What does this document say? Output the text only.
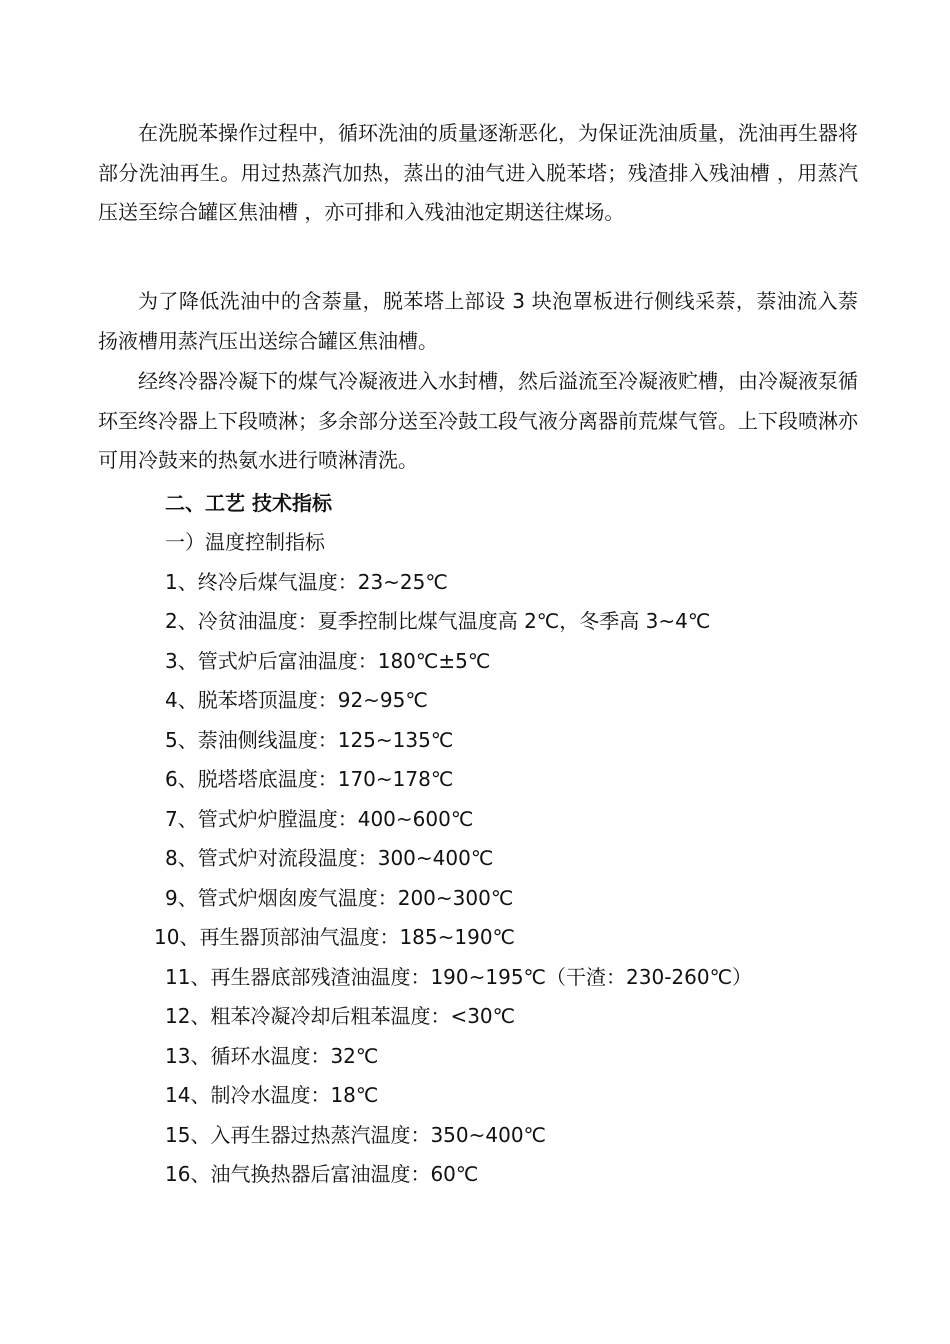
在洗脱苯操作过程中，循环洗油的质量逐渐恶化，为保证洗油质量，洗油再生器将部分洗油再生。用过热蒸汽加热，蒸出的油气进入脱苯塔；残渣排入残油槽 ，用蒸汽压送至综合罐区焦油槽 ，亦可排和入残油池定期送往煤场。

为了降低洗油中的含萘量，脱苯塔上部设 3 块泡罩板进行侧线采萘，萘油流入萘扬液槽用蒸汽压出送综合罐区焦油槽。

经终冷器冷凝下的煤气冷凝液进入水封槽，然后溢流至冷凝液贮槽，由冷凝液泵循环至终冷器上下段喷淋；多余部分送至冷鼓工段气液分离器前荒煤气管。上下段喷淋亦可用冷鼓来的热氨水进行喷淋清洗。

二、工艺 技术指标
一）温度控制指标
1、终冷后煤气温度：23~25℃
2、冷贫油温度：夏季控制比煤气温度高 2℃，冬季高 3~4℃
3、管式炉后富油温度：180℃±5℃
4、脱苯塔顶温度：92~95℃
5、萘油侧线温度：125~135℃
6、脱塔塔底温度：170~178℃
7、管式炉炉膛温度：400~600℃
8、管式炉对流段温度：300~400℃
9、管式炉烟囱废气温度：200~300℃
10、再生器顶部油气温度：185~190℃
11、再生器底部残渣油温度：190~195℃（干渣：230-260℃）
12、粗苯冷凝冷却后粗苯温度：<30℃
13、循环水温度：32℃
14、制冷水温度：18℃
15、入再生器过热蒸汽温度：350~400℃
16、油气换热器后富油温度：60℃
